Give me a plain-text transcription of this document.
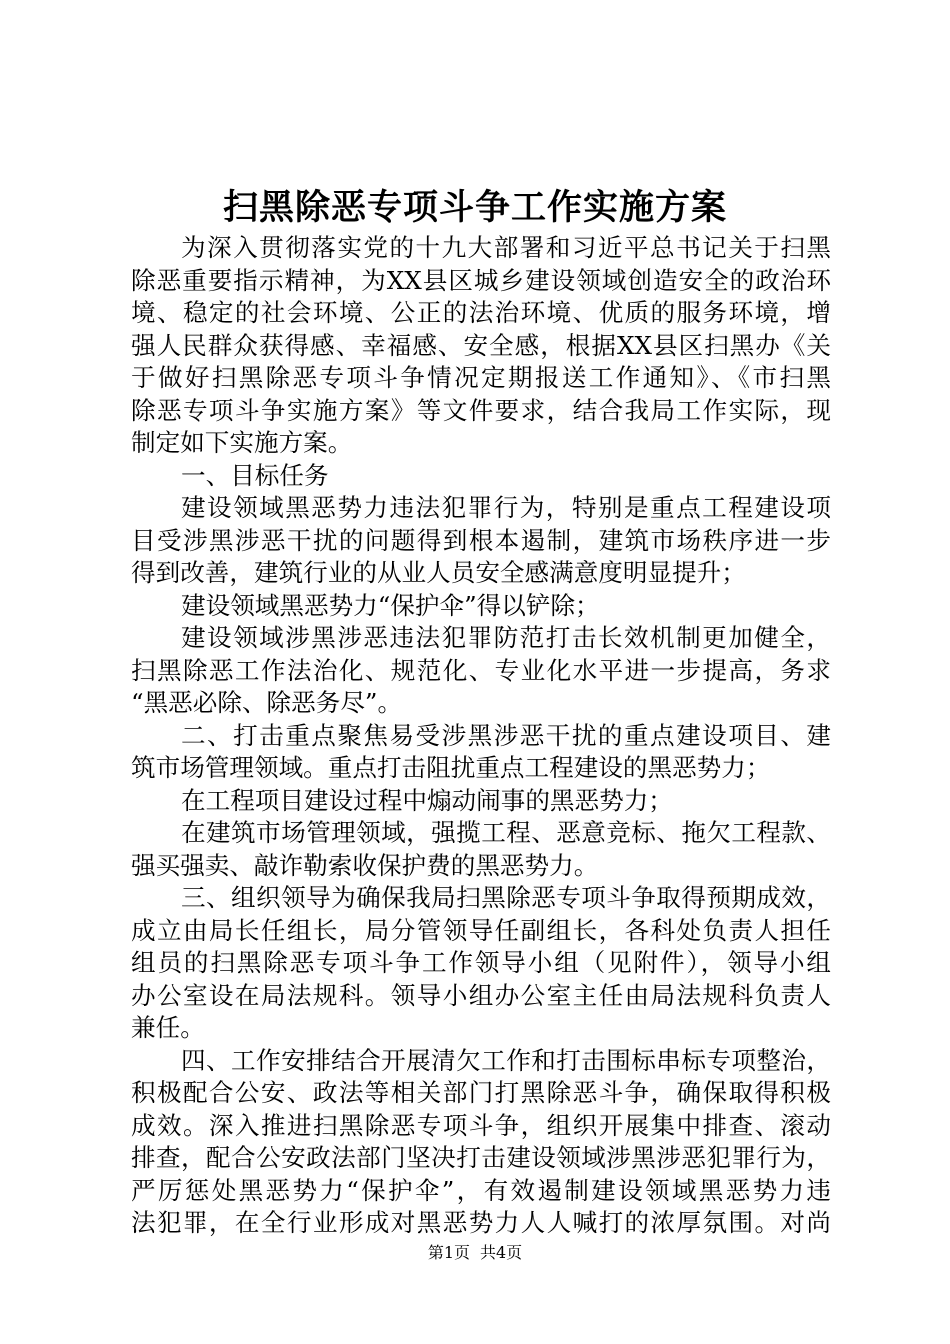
扫黑除恶专项斗争工作实施方案
为深入贯彻落实党的十九大部署和习近平总书记关于扫黑
除恶重要指示精神，为XX县区城乡建设领域创造安全的政治环
境、稳定的社会环境、公正的法治环境、优质的服务环境，增
强人民群众获得感、幸福感、安全感，根据XX县区扫黑办《关
于做好扫黑除恶专项斗争情况定期报送工作通知》、《市扫黑
除恶专项斗争实施方案》等文件要求，结合我局工作实际，现
制定如下实施方案。
一、目标任务
建设领域黑恶势力违法犯罪行为，特别是重点工程建设项
目受涉黑涉恶干扰的问题得到根本遏制，建筑市场秩序进一步
得到改善，建筑行业的从业人员安全感满意度明显提升；
建设领域黑恶势力“保护伞”得以铲除；
建设领域涉黑涉恶违法犯罪防范打击长效机制更加健全，
扫黑除恶工作法治化、规范化、专业化水平进一步提高，务求
“黑恶必除、除恶务尽”。
二、打击重点聚焦易受涉黑涉恶干扰的重点建设项目、建
筑市场管理领域。重点打击阻扰重点工程建设的黑恶势力；
在工程项目建设过程中煽动闹事的黑恶势力；
在建筑市场管理领域，强揽工程、恶意竞标、拖欠工程款、
强买强卖、敲诈勒索收保护费的黑恶势力。
三、组织领导为确保我局扫黑除恶专项斗争取得预期成效，
成立由局长任组长，局分管领导任副组长，各科处负责人担任
组员的扫黑除恶专项斗争工作领导小组（见附件），领导小组
办公室设在局法规科。领导小组办公室主任由局法规科负责人
兼任。
四、工作安排结合开展清欠工作和打击围标串标专项整治，
积极配合公安、政法等相关部门打黑除恶斗争，确保取得积极
成效。深入推进扫黑除恶专项斗争，组织开展集中排查、滚动
排查，配合公安政法部门坚决打击建设领域涉黑涉恶犯罪行为，
严厉惩处黑恶势力“保护伞”，有效遏制建设领域黑恶势力违
法犯罪，在全行业形成对黑恶势力人人喊打的浓厚氛围。对尚
第1页 共4页
